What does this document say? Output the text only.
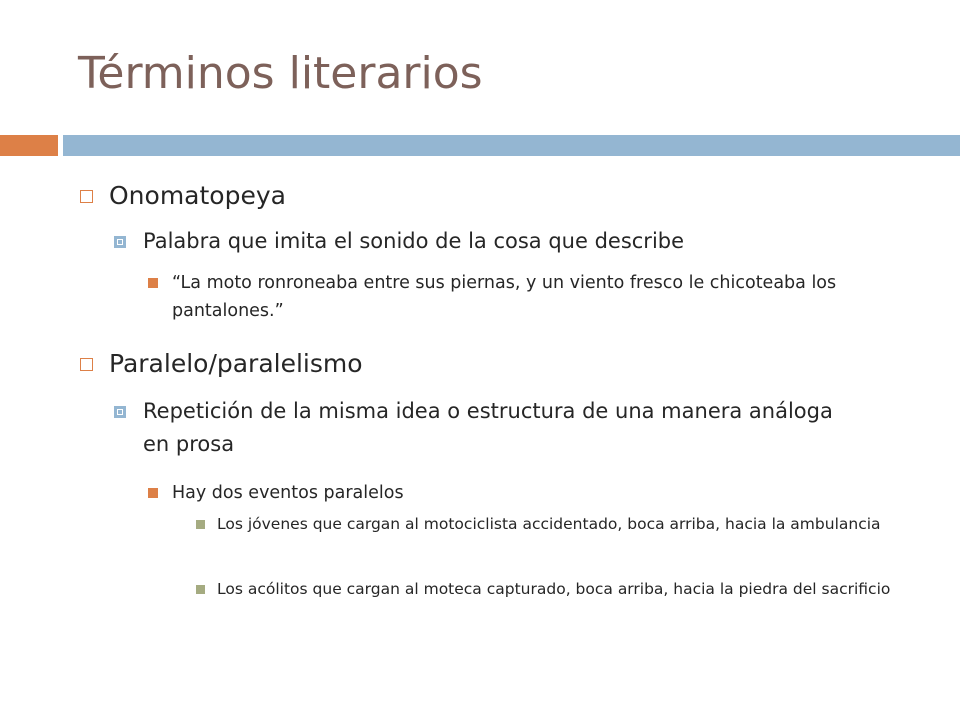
Términos literarios
Onomatopeya
Palabra que imita el sonido de la cosa que describe
“La moto ronroneaba entre sus piernas, y un viento fresco le chicoteaba los pantalones.”
Paralelo/paralelismo
Repetición de la misma idea o estructura de una manera análoga en prosa
Hay dos eventos paralelos
Los jóvenes que cargan al motociclista accidentado, boca arriba, hacia la ambulancia
Los acólitos que cargan al moteca capturado, boca arriba, hacia la piedra del sacrificio
